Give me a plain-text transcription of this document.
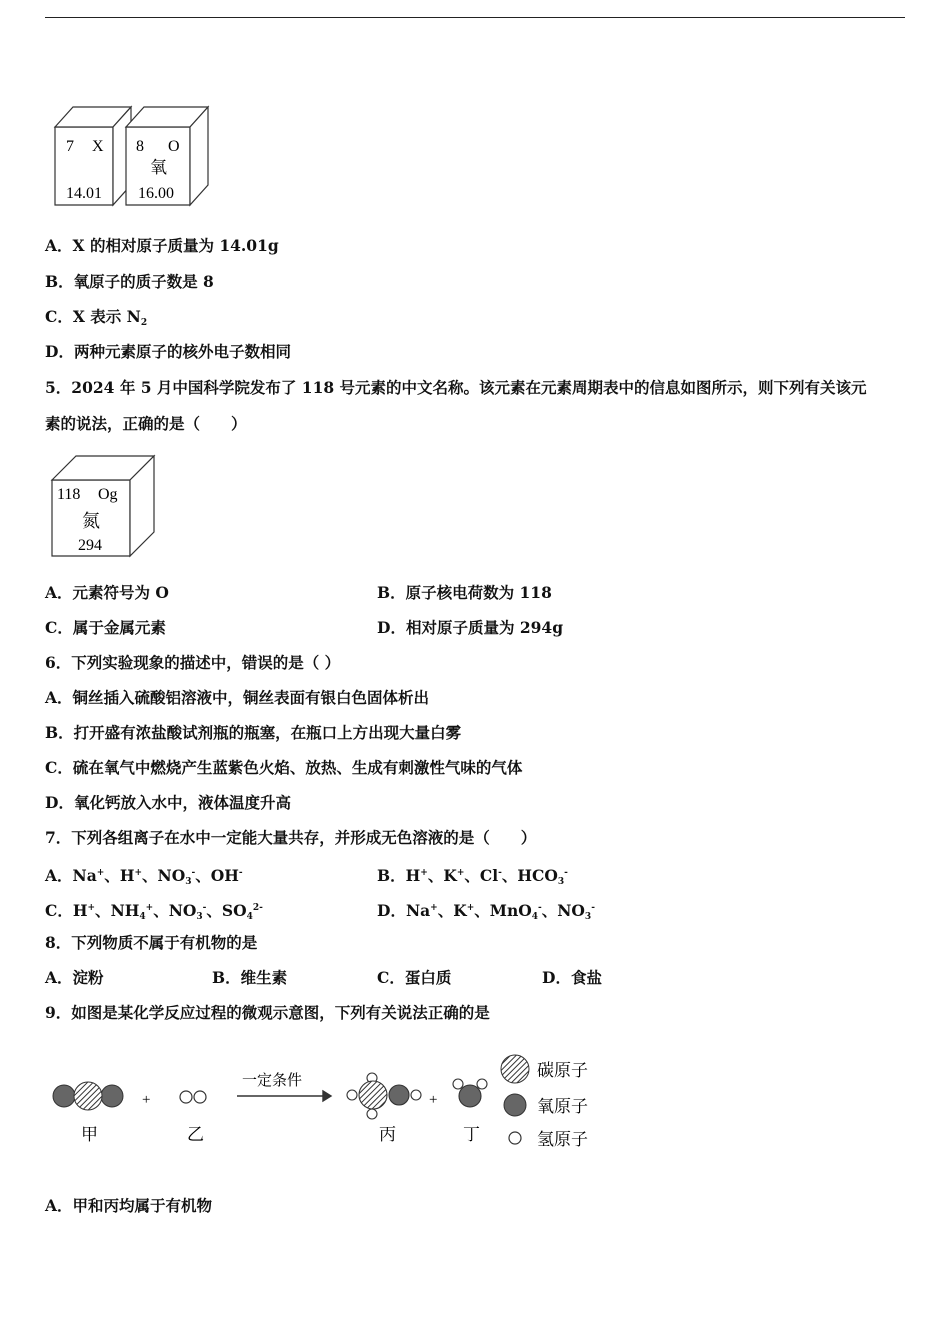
7 X
14.01
8 O
氧
16.00
A．X 的相对原子质量为 14.01g
B．氧原子的质子数是 8
C．X 表示 $N_2$
D．两种元素原子的核外电子数相同
5．2024 年 5 月中国科学院发布了 118 号元素的中文名称。该元素在元素周期表中的信息如图所示，则下列有关该元
素的说法，正确的是（　　）
118 Og
氮
294
A．元素符号为 O	B．原子核电荷数为 118
C．属于金属元素	D．相对原子质量为 294g
6．下列实验现象的描述中，错误的是（ ）
A．铜丝插入硫酸铝溶液中，铜丝表面有银白色固体析出
B．打开盛有浓盐酸试剂瓶的瓶塞，在瓶口上方出现大量白雾
C．硫在氧气中燃烧产生蓝紫色火焰、放热、生成有刺激性气味的气体
D．氧化钙放入水中，液体温度升高
7．下列各组离子在水中一定能大量共存，并形成无色溶液的是（　　）
A．Na+、H+、$NO_3^-$、OH-	B．H+、K+、Cl-、$HCO_3^-$
C．H+、$NH_4^+$、$NO_3^-$、$SO_4^{2-}$	D．Na+、K+、MnO$_4$-、$NO_3^-$
8．下列物质不属于有机物的是
A．淀粉	B．维生素	C．蛋白质	D．食盐
9．如图是某化学反应过程的微观示意图，下列有关说法正确的是
甲
+
乙
一定条件
丙
+
丁
碳原子
氧原子
氢原子
A．甲和丙均属于有机物
